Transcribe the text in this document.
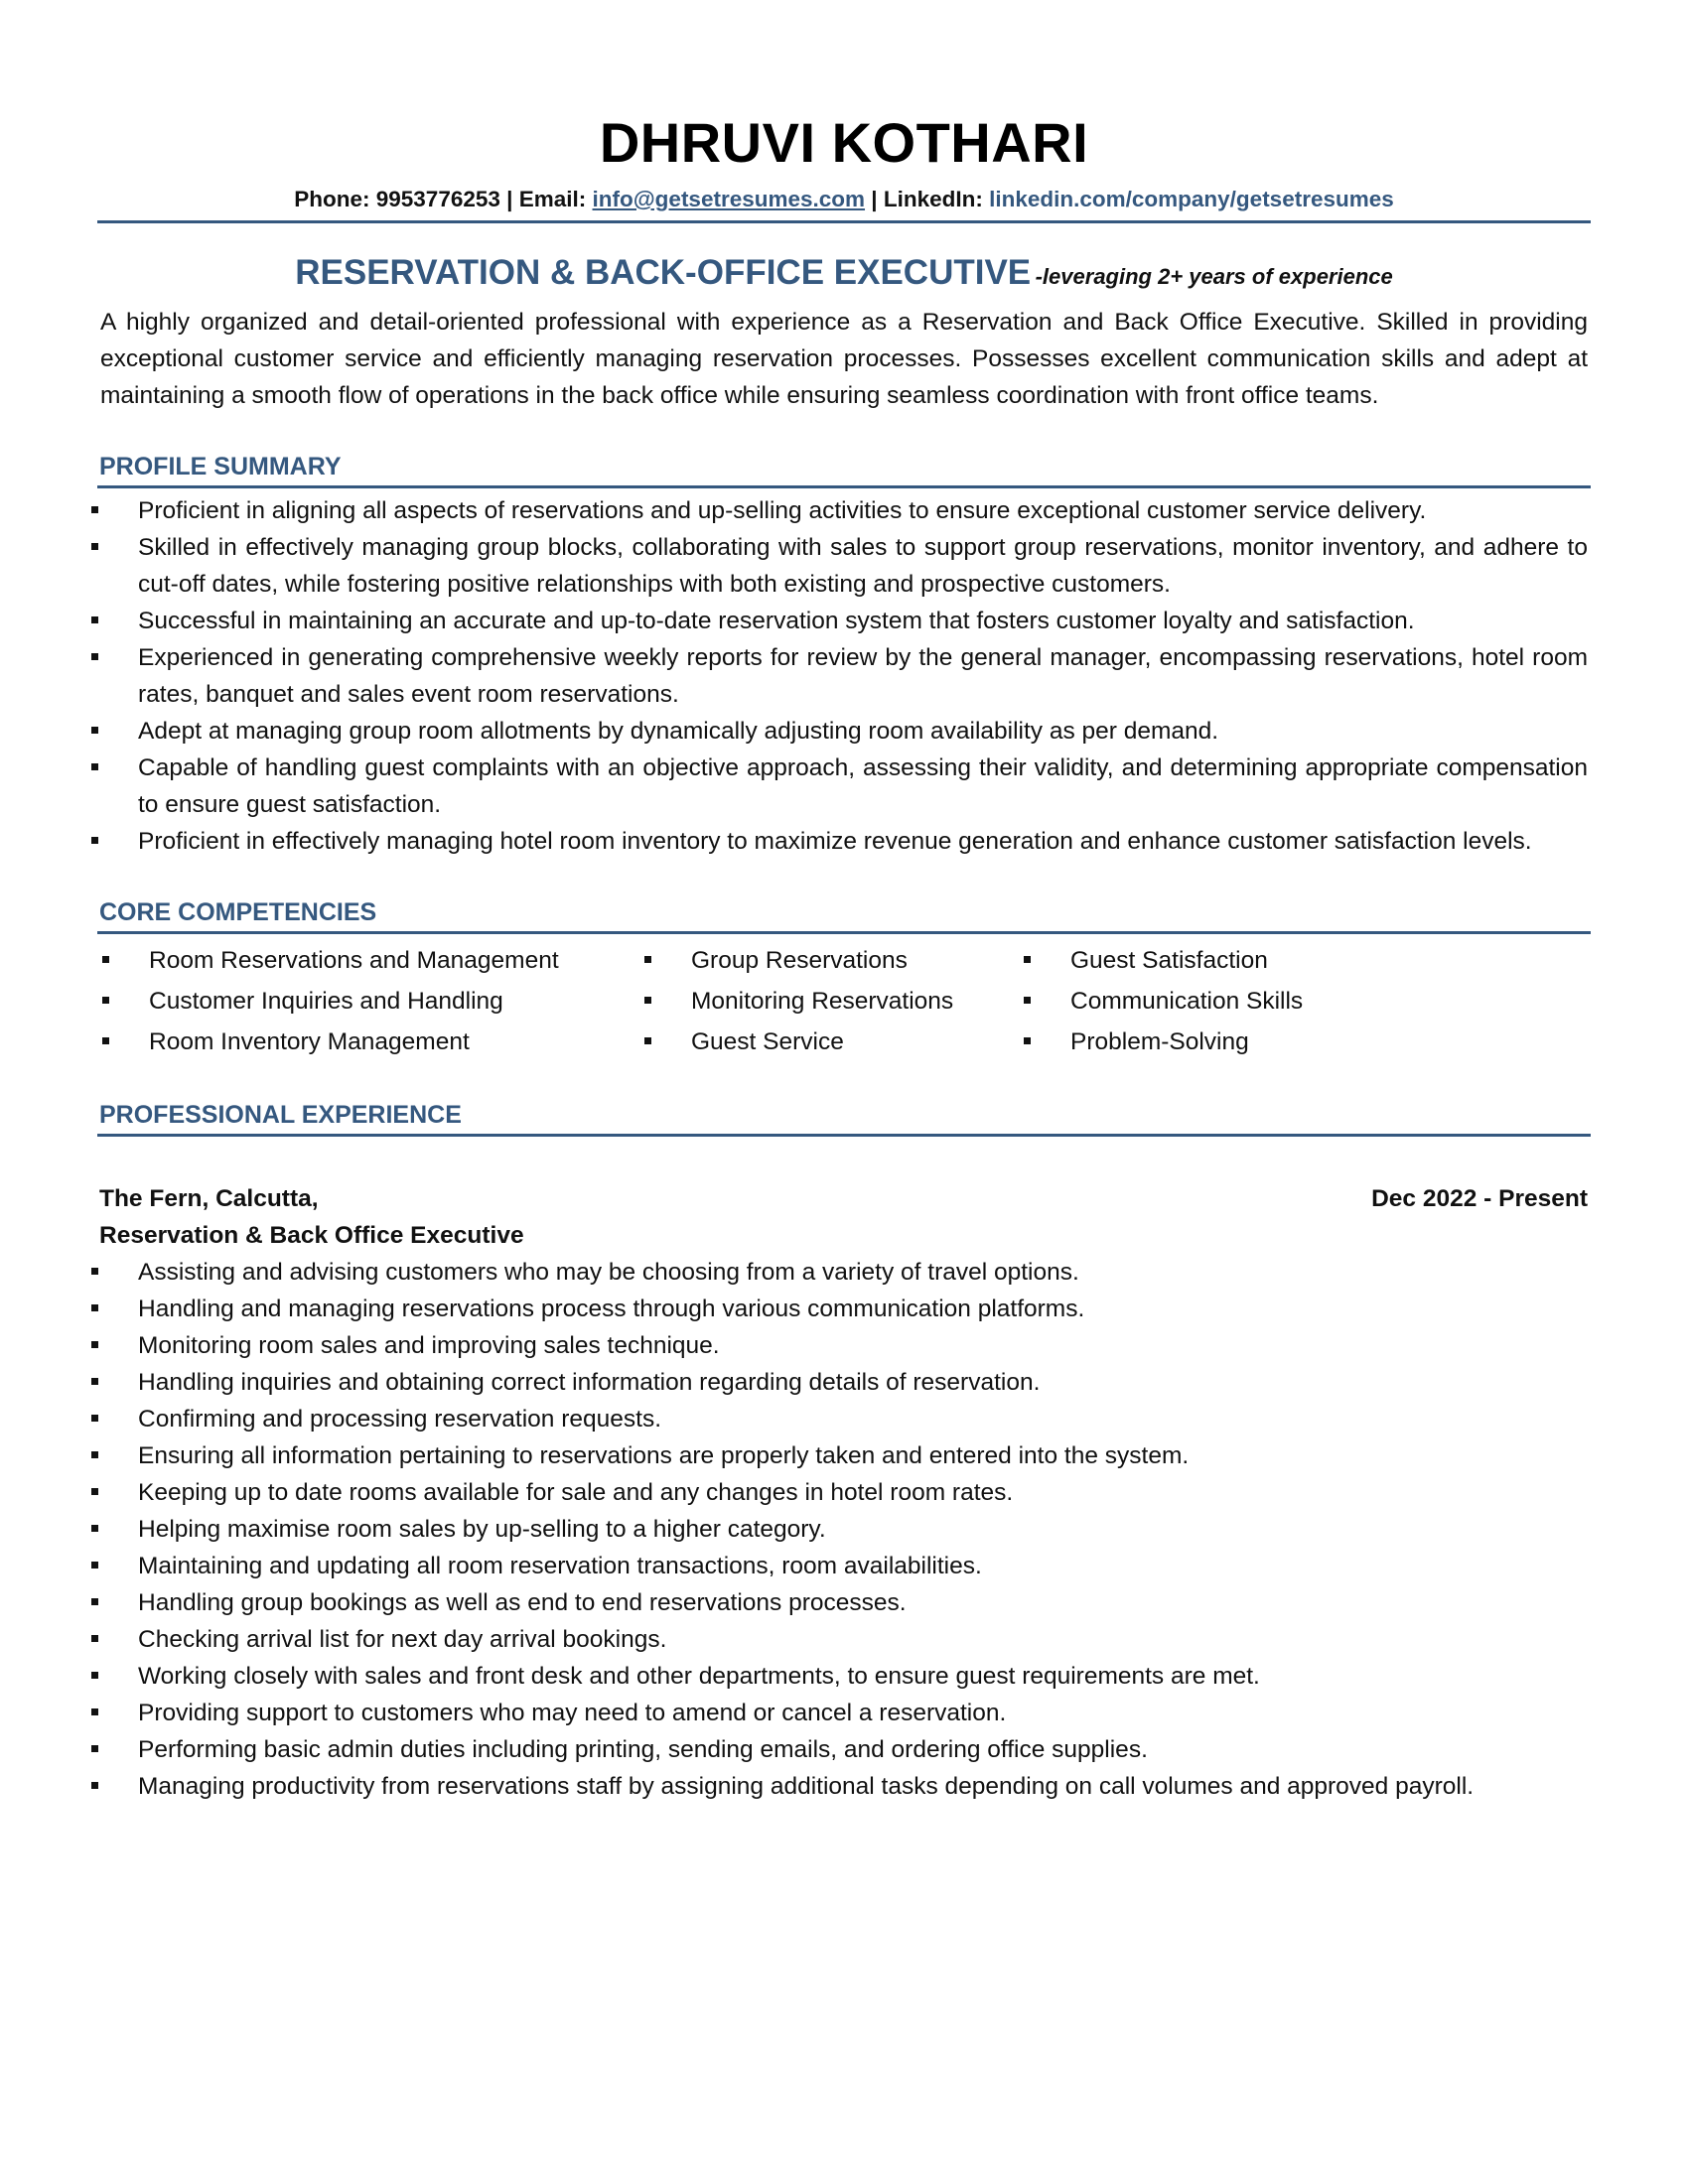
DHRUVI KOTHARI
Phone: 9953776253 | Email: info@getsetresumes.com | LinkedIn: linkedin.com/company/getsetresumes
RESERVATION & BACK-OFFICE EXECUTIVE -leveraging 2+ years of experience

A highly organized and detail-oriented professional with experience as a Reservation and Back Office Executive. Skilled in providing exceptional customer service and efficiently managing reservation processes. Possesses excellent communication skills and adept at maintaining a smooth flow of operations in the back office while ensuring seamless coordination with front office teams.

PROFILE SUMMARY
Proficient in aligning all aspects of reservations and up-selling activities to ensure exceptional customer service delivery.
Skilled in effectively managing group blocks, collaborating with sales to support group reservations, monitor inventory, and adhere to cut-off dates, while fostering positive relationships with both existing and prospective customers.
Successful in maintaining an accurate and up-to-date reservation system that fosters customer loyalty and satisfaction.
Experienced in generating comprehensive weekly reports for review by the general manager, encompassing reservations, hotel room rates, banquet and sales event room reservations.
Adept at managing group room allotments by dynamically adjusting room availability as per demand.
Capable of handling guest complaints with an objective approach, assessing their validity, and determining appropriate compensation to ensure guest satisfaction.
Proficient in effectively managing hotel room inventory to maximize revenue generation and enhance customer satisfaction levels.
CORE COMPETENCIES
Room Reservations and Management	Group Reservations	Guest Satisfaction
Customer Inquiries and Handling	Monitoring Reservations	Communication Skills
Room Inventory Management	Guest Service	Problem-Solving
PROFESSIONAL EXPERIENCE
The Fern, Calcutta,	Dec 2022 - Present
Reservation & Back Office Executive
Assisting and advising customers who may be choosing from a variety of travel options.
Handling and managing reservations process through various communication platforms.
Monitoring room sales and improving sales technique.
Handling inquiries and obtaining correct information regarding details of reservation.
Confirming and processing reservation requests.
Ensuring all information pertaining to reservations are properly taken and entered into the system.
Keeping up to date rooms available for sale and any changes in hotel room rates.
Helping maximise room sales by up-selling to a higher category.
Maintaining and updating all room reservation transactions, room availabilities.
Handling group bookings as well as end to end reservations processes.
Checking arrival list for next day arrival bookings.
Working closely with sales and front desk and other departments, to ensure guest requirements are met.
Providing support to customers who may need to amend or cancel a reservation.
Performing basic admin duties including printing, sending emails, and ordering office supplies.
Managing productivity from reservations staff by assigning additional tasks depending on call volumes and approved payroll.
